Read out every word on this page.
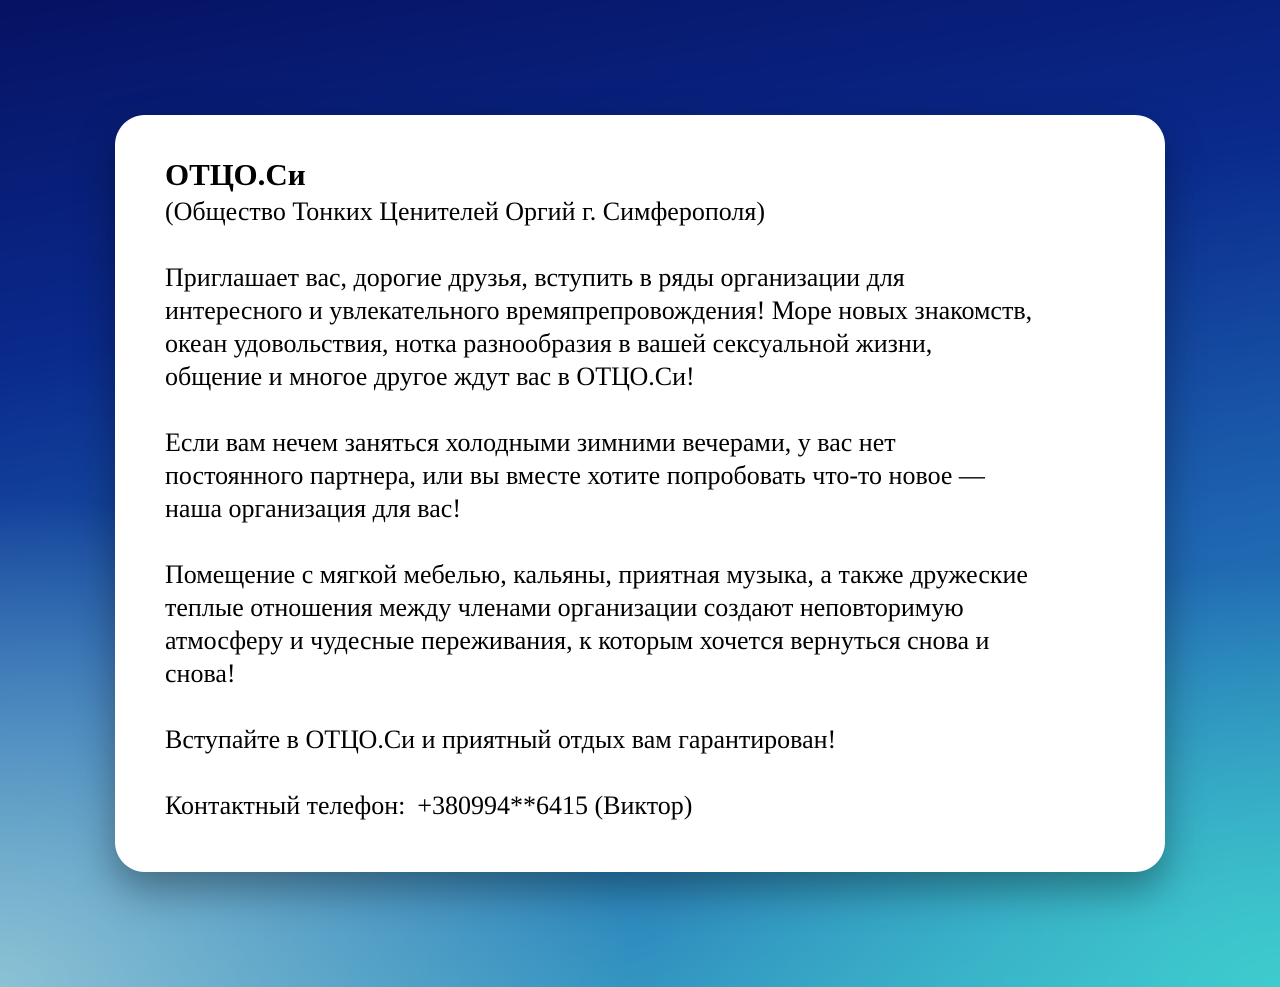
ОТЦО.Си
(Общество Тонких Ценителей Оргий г. Симферополя)
Приглашает вас, дорогие друзья, вступить в ряды организации для
интересного и увлекательного времяпрепровождения! Море новых знакомств,
океан удовольствия, нотка разнообразия в вашей сексуальной жизни,
общение и многое другое ждут вас в ОТЦО.Си!
Если вам нечем заняться холодными зимними вечерами, у вас нет
постоянного партнера, или вы вместе хотите попробовать что-то новое —
наша организация для вас!
Помещение с мягкой мебелью, кальяны, приятная музыка, а также дружеские
теплые отношения между членами организации создают неповторимую
атмосферу и чудесные переживания, к которым хочется вернуться снова и
снова!
Вступайте в ОТЦО.Си и приятный отдых вам гарантирован!
Контактный телефон: +380994**6415 (Виктор)
